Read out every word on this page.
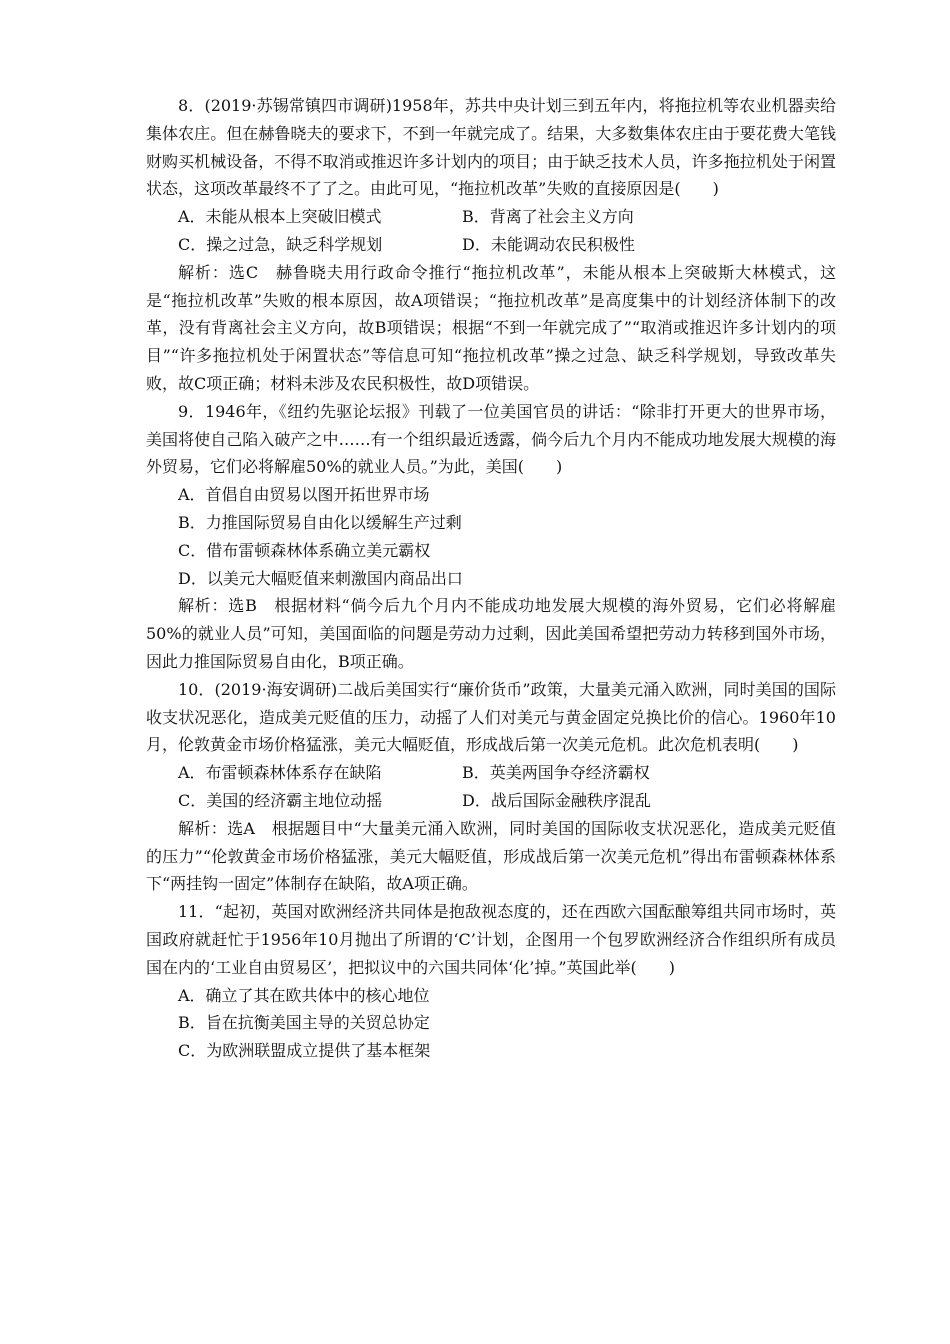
8．(2019·苏锡常镇四市调研)1958年，苏共中央计划三到五年内，将拖拉机等农业机器卖给集体农庄。但在赫鲁晓夫的要求下，不到一年就完成了。结果，大多数集体农庄由于要花费大笔钱财购买机械设备，不得不取消或推迟许多计划内的项目；由于缺乏技术人员，许多拖拉机处于闲置状态，这项改革最终不了了之。由此可见，“拖拉机改革”失败的直接原因是(　　)

A．未能从根本上突破旧模式	B．背离了社会主义方向
C．操之过急，缺乏科学规划	D．未能调动农民积极性

解析：选C　赫鲁晓夫用行政命令推行“拖拉机改革”，未能从根本上突破斯大林模式，这是“拖拉机改革”失败的根本原因，故A项错误；“拖拉机改革”是高度集中的计划经济体制下的改革，没有背离社会主义方向，故B项错误；根据“不到一年就完成了”“取消或推迟许多计划内的项目”“许多拖拉机处于闲置状态”等信息可知“拖拉机改革”操之过急、缺乏科学规划，导致改革失败，故C项正确；材料未涉及农民积极性，故D项错误。

9．1946年，《纽约先驱论坛报》刊载了一位美国官员的讲话：“除非打开更大的世界市场，美国将使自己陷入破产之中……有一个组织最近透露，倘今后九个月内不能成功地发展大规模的海外贸易，它们必将解雇50%的就业人员。”为此，美国(　　)

A．首倡自由贸易以图开拓世界市场

B．力推国际贸易自由化以缓解生产过剩

C．借布雷顿森林体系确立美元霸权

D．以美元大幅贬值来刺激国内商品出口

解析：选B　根据材料“倘今后九个月内不能成功地发展大规模的海外贸易，它们必将解雇50%的就业人员”可知，美国面临的问题是劳动力过剩，因此美国希望把劳动力转移到国外市场，因此力推国际贸易自由化，B项正确。

10．(2019·海安调研)二战后美国实行“廉价货币”政策，大量美元涌入欧洲，同时美国的国际收支状况恶化，造成美元贬值的压力，动摇了人们对美元与黄金固定兑换比价的信心。1960年10月，伦敦黄金市场价格猛涨，美元大幅贬值，形成战后第一次美元危机。此次危机表明(　　)

A．布雷顿森林体系存在缺陷	B．英美两国争夺经济霸权
C．美国的经济霸主地位动摇	D．战后国际金融秩序混乱

解析：选A　根据题目中“大量美元涌入欧洲，同时美国的国际收支状况恶化，造成美元贬值的压力”“伦敦黄金市场价格猛涨，美元大幅贬值，形成战后第一次美元危机”得出布雷顿森林体系下“两挂钩一固定”体制存在缺陷，故A项正确。

11．“起初，英国对欧洲经济共同体是抱敌视态度的，还在西欧六国酝酿筹组共同市场时，英国政府就赶忙于1956年10月抛出了所谓的‘C’计划，企图用一个包罗欧洲经济合作组织所有成员国在内的‘工业自由贸易区’，把拟议中的六国共同体‘化’掉。”英国此举(　　)

A．确立了其在欧共体中的核心地位

B．旨在抗衡美国主导的关贸总协定

C．为欧洲联盟成立提供了基本框架
